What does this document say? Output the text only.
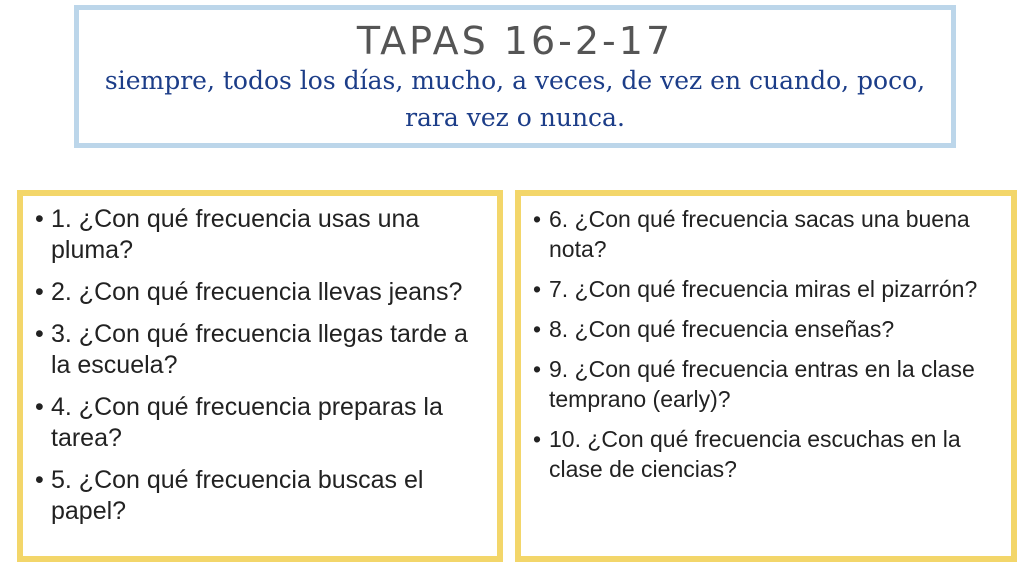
TAPAS 16-2-17
siempre, todos los días, mucho, a veces, de vez en cuando, poco, rara vez o nunca.
• 1. ¿Con qué frecuencia usas una pluma?
• 2. ¿Con qué frecuencia llevas jeans?
• 3. ¿Con qué frecuencia llegas tarde a la escuela?
• 4. ¿Con qué frecuencia preparas la tarea?
• 5. ¿Con qué frecuencia buscas el papel?
• 6. ¿Con qué frecuencia sacas una buena nota?
• 7. ¿Con qué frecuencia miras el pizarrón?
• 8. ¿Con qué frecuencia enseñas?
• 9. ¿Con qué frecuencia entras en la clase temprano (early)?
• 10. ¿Con qué frecuencia escuchas en la clase de ciencias?
